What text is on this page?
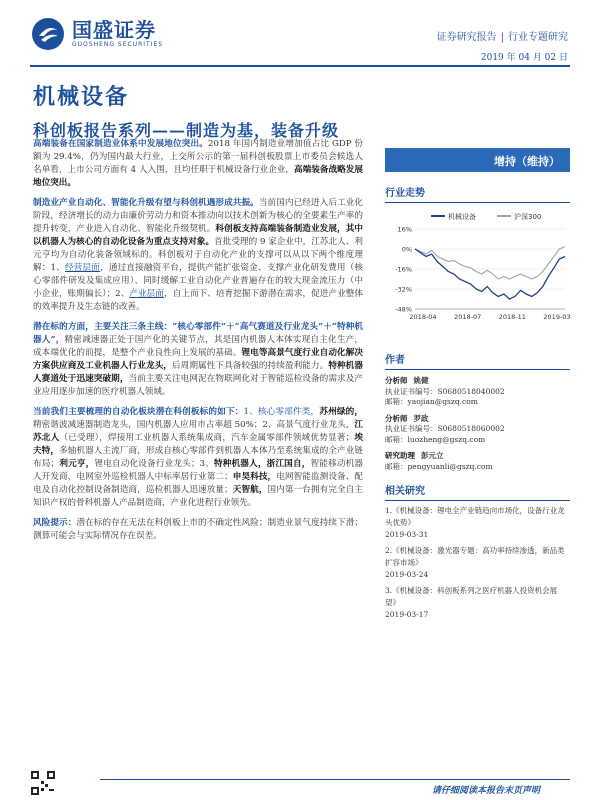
国盛证券
GUOSHENG SECURITIES
证券研究报告 | 行业专题研究
2019 年 04 月 02 日
机械设备
科创板报告系列——制造为基，装备升级

高端装备在国家制造业体系中发展地位突出。2018 年国内制造业增加值占比 GDP 份额为 29.4%，仍为国内最大行业，上交所公示的第一届科创板股票上市委员会候选人名单看，上市公司方面有 4 人入围，且均任职于机械设备行业企业，高端装备战略发展地位突出。

制造业产业自动化、智能化升级有望与科创机遇形成共振。当前国内已经进入后工业化阶段，经济增长的动力由廉价劳动力和资本推动向以技术创新为核心的全要素生产率的提升转变，产业进入自动化、智能化升级契机。科创板支持高端装备制造业发展，其中以机器人为核心的自动化设备为重点支持对象。首批受理的 9 家企业中，江苏北人、利元亨均为自动化装备领域标的。科创板对于自动化产业的支撑可以从以下两个维度理解：1、经营层面，通过直接融资平台，提供产能扩张资金、支撑产业化研发费用（核心零部件研发及集成应用）、同时缓解工业自动化产业普遍存在的较大现金流压力（中小企业，账期偏长）；2、产业层面，自上而下、培育挖掘下游潜在需求，促进产业整体的效率提升及生态链的改善。

潜在标的方面，主要关注三条主线：“核心零部件”＋“高气赛道及行业龙头”＋“特种机器人”，精密减速器正处于国产化的关键节点，其是国内机器人本体实现自主化生产，成本端优化的前提，是整个产业良性向上发展的基础。锂电等高景气度行业自动化解决方案供应商及工业机器人行业龙头，后周期属性下具备较强的持续盈利能力。特种机器人赛道处于迅速突破期，当前主要关注电网泥在物联网化对于智能巡检设备的需求及产业应用逐步加速的医疗机器人领域。

当前我们主要梳理的自动化板块潜在科创板标的如下：1、核心零部件类，苏州绿的，精密谐波减速器制造龙头，国内机器人应用市占率超 50%；2、高景气度行业龙头，江苏北人（已受理），焊接用工业机器人系统集成商，汽车金属零部件领域优势显著；埃夫特，多轴机器人主流厂商，形成自核心零部件到机器人本体乃至系统集成的全产业链布局；利元亨，锂电自动化设备行业龙头；3、特种机器人，浙江国自，智能移动机器人开发商，电网室外巡检机器人中标率居行业第二；申昊科技，电网智能监测设备、配电及自动化控制设备制造商，巡检机器人迅速放量；天智航，国内第一台拥有完全自主知识产权的骨科机器人产品制造商，产业化进程行业领先。

风险提示：潜在标的存在无法在科创板上市的不确定性风险；制造业景气度持续下滑；测算可能会与实际情况存在误差。

增持（维持）
行业走势
机械设备	沪深300
16%
0%
-16%
-32%
-48%
2018-04	2018-07	2018-11	2019-03
作者
分析师 姚健
执业证书编号：S0680518040002
邮箱：yaojian@gszq.com
分析师 罗政
执业证书编号：S0680518060002
邮箱：luozheng@gszq.com
研究助理 彭元立
邮箱：pengyuanli@gszq.com
相关研究
1.《机械设备：锂电全产业链趋向市场化，设备行业龙头优势》
2019-03-31
2.《机械设备：激光器专题：高功率持续渗透，新品类扩容市场》
2019-03-24
3.《机械设备：科创板系列之医疗机器人投资机会展望》
2019-03-17
请仔细阅读本报告末页声明
